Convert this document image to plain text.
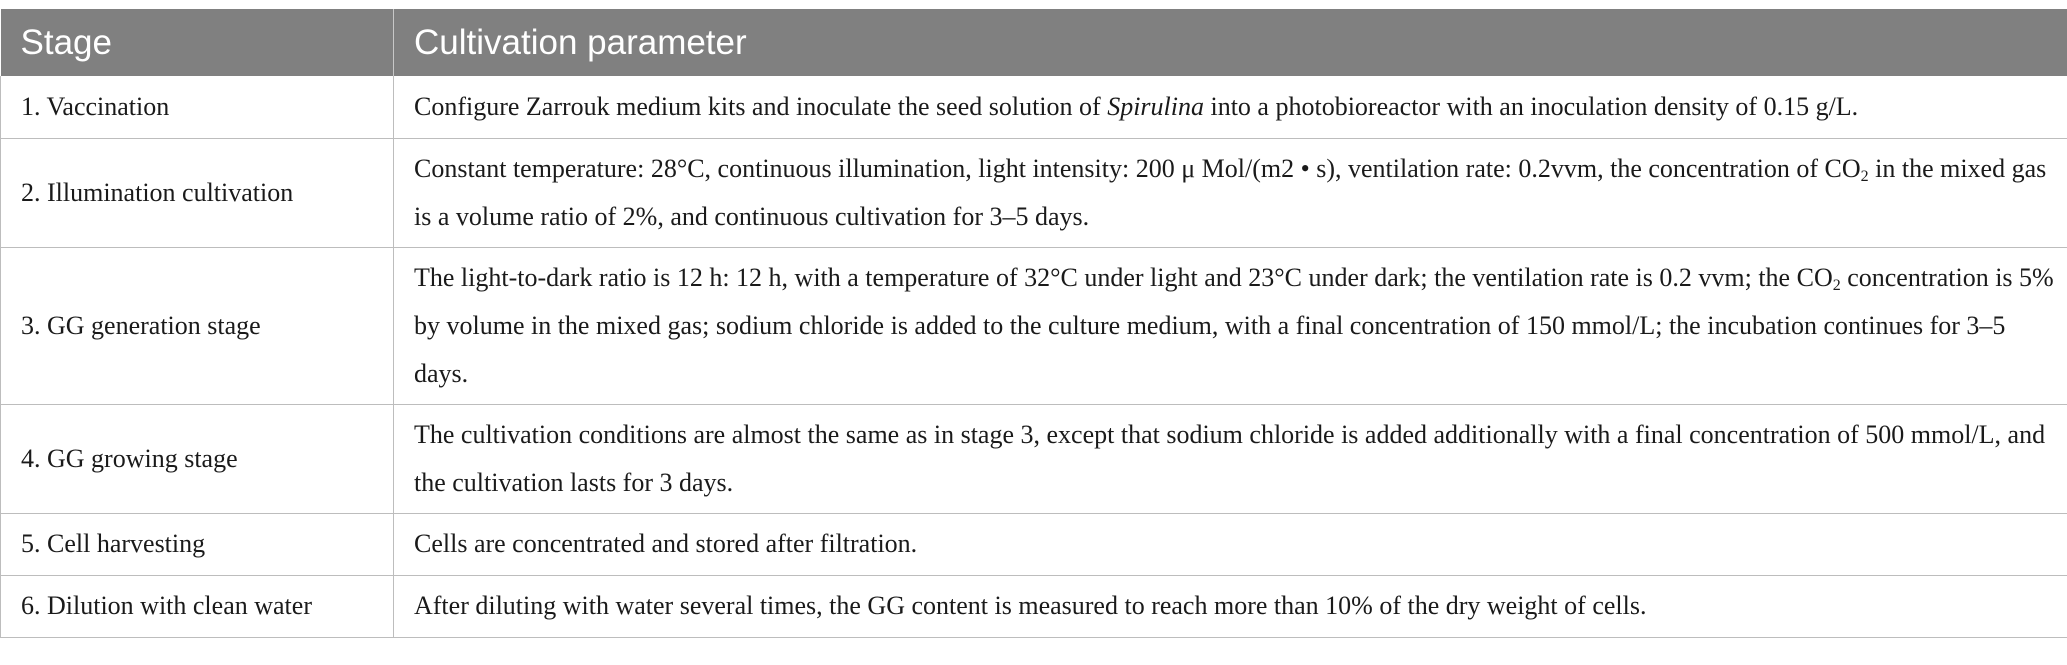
Stage	Cultivation parameter
1. Vaccination	Configure Zarrouk medium kits and inoculate the seed solution of Spirulina into a photobioreactor with an inoculation density of 0.15 g/L.
2. Illumination cultivation	Constant temperature: 28°C, continuous illumination, light intensity: 200 μ Mol/(m2 • s), ventilation rate: 0.2vvm, the concentration of $CO_2$ in the mixed gas is a volume ratio of 2%, and continuous cultivation for 3–5 days.
3. GG generation stage	The light-to-dark ratio is 12 h: 12 h, with a temperature of 32°C under light and 23°C under dark; the ventilation rate is 0.2 vvm; the $CO_2$ concentration is 5% by volume in the mixed gas; sodium chloride is added to the culture medium, with a final concentration of 150 mmol/L; the incubation continues for 3–5 days.
4. GG growing stage	The cultivation conditions are almost the same as in stage 3, except that sodium chloride is added additionally with a final concentration of 500 mmol/L, and the cultivation lasts for 3 days.
5. Cell harvesting	Cells are concentrated and stored after filtration.
6. Dilution with clean water	After diluting with water several times, the GG content is measured to reach more than 10% of the dry weight of cells.
